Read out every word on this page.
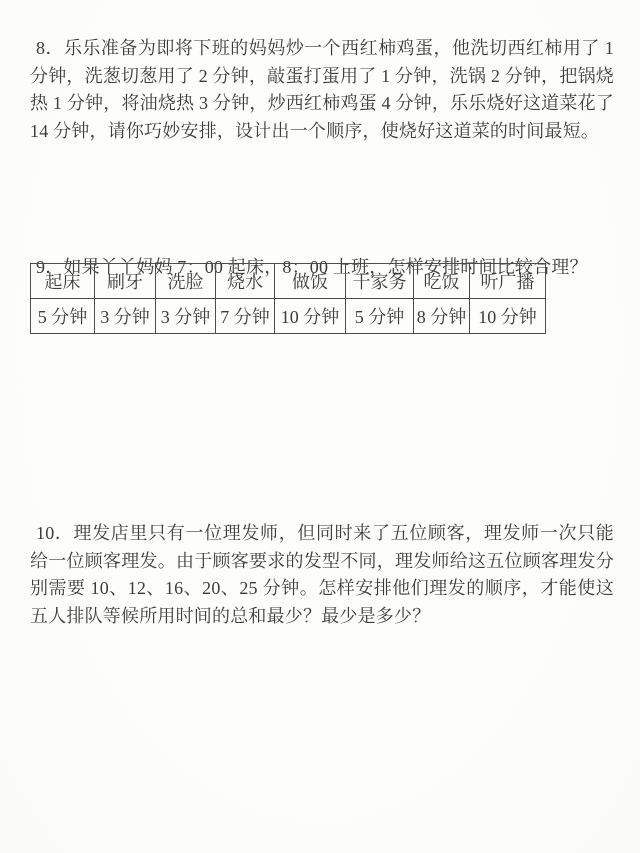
8．乐乐准备为即将下班的妈妈炒一个西红柿鸡蛋，他洗切西红柿用了 1 分钟，洗葱切葱用了 2 分钟，敲蛋打蛋用了 1 分钟，洗锅 2 分钟，把锅烧热 1 分钟，将油烧热 3 分钟，炒西红柿鸡蛋 4 分钟，乐乐烧好这道菜花了 14 分钟，请你巧妙安排，设计出一个顺序，使烧好这道菜的时间最短。

9．如果丫丫妈妈 7：00 起床，8：00 上班，怎样安排时间比较合理？

起床	刷牙	洗脸	烧水	做饭	干家务	吃饭	听广播
5 分钟	3 分钟	3 分钟	7 分钟	10 分钟	5 分钟	8 分钟	10 分钟

10．理发店里只有一位理发师，但同时来了五位顾客，理发师一次只能给一位顾客理发。由于顾客要求的发型不同，理发师给这五位顾客理发分别需要 10、12、16、20、25 分钟。怎样安排他们理发的顺序，才能使这五人排队等候所用时间的总和最少？最少是多少？
